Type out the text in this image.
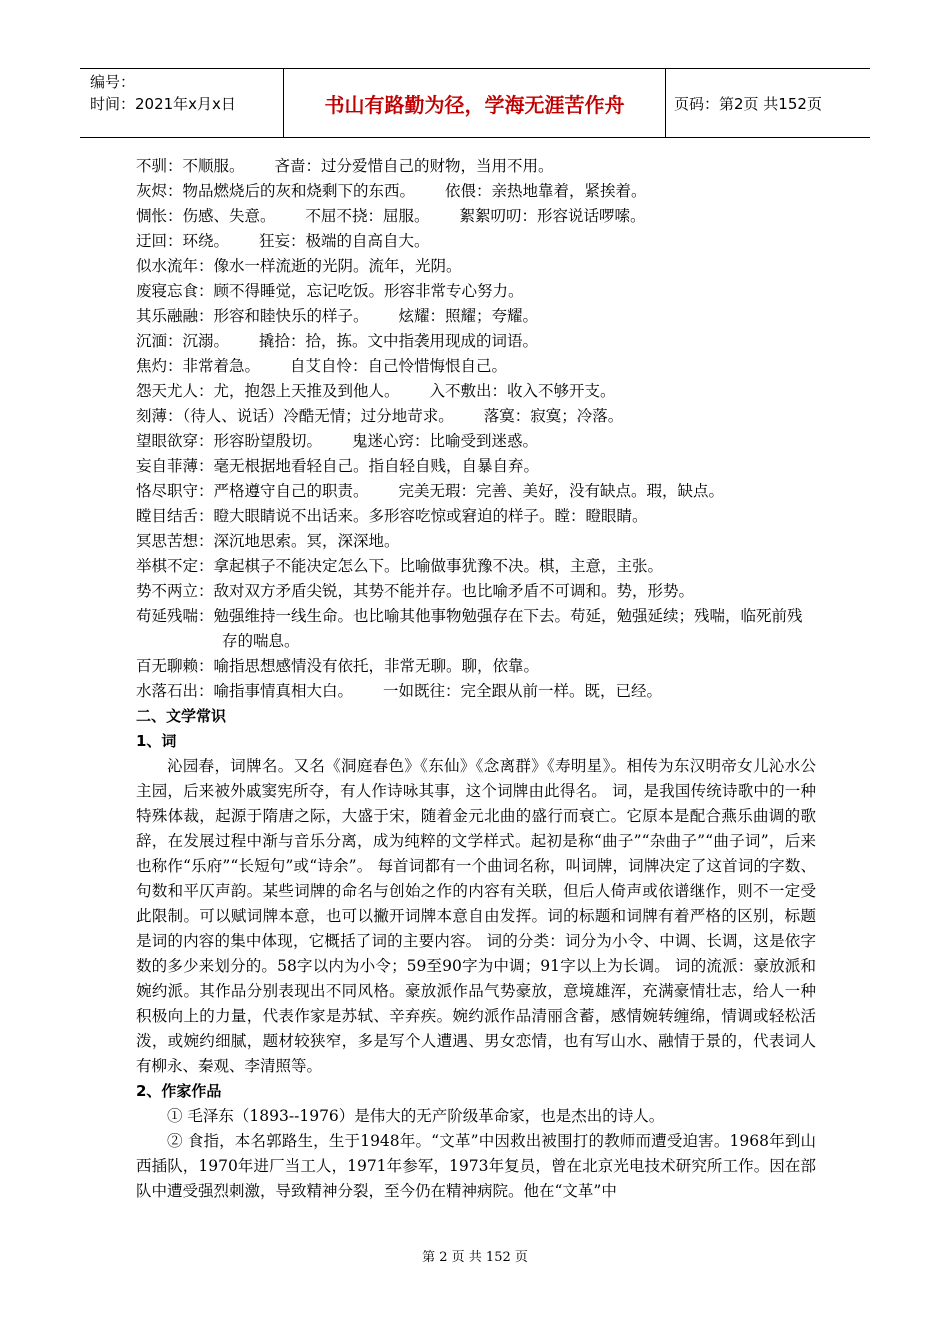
编号：
时间：2021年x月x日	书山有路勤为径，学海无涯苦作舟	页码：第2页 共152页
不驯：不顺服。 吝啬：过分爱惜自己的财物，当用不用。
灰烬：物品燃烧后的灰和烧剩下的东西。 依偎：亲热地靠着，紧挨着。
惆怅：伤感、失意。 不屈不挠：屈服。 絮絮叨叨：形容说话啰嗦。
迂回：环绕。 狂妄：极端的自高自大。
似水流年：像水一样流逝的光阴。流年，光阴。
废寝忘食：顾不得睡觉，忘记吃饭。形容非常专心努力。
其乐融融：形容和睦快乐的样子。 炫耀：照耀；夸耀。
沉湎：沉溺。 撬拾：拾，拣。文中指袭用现成的词语。
焦灼：非常着急。 自艾自怜：自己怜惜悔恨自己。
怨天尤人：尤，抱怨上天推及到他人。 入不敷出：收入不够开支。
刻薄：（待人、说话）冷酷无情；过分地苛求。 落寞：寂寞；冷落。
望眼欲穿：形容盼望殷切。 鬼迷心窍：比喻受到迷惑。
妄自菲薄：毫无根据地看轻自己。指自轻自贱，自暴自弃。
恪尽职守：严格遵守自己的职责。 完美无瑕：完善、美好，没有缺点。瑕，缺点。
瞠目结舌：瞪大眼睛说不出话来。多形容吃惊或窘迫的样子。瞠：瞪眼睛。
冥思苦想：深沉地思索。冥，深深地。
举棋不定：拿起棋子不能决定怎么下。比喻做事犹豫不决。棋，主意，主张。
势不两立：敌对双方矛盾尖锐，其势不能并存。也比喻矛盾不可调和。势，形势。
苟延残喘：勉强维持一线生命。也比喻其他事物勉强存在下去。苟延，勉强延续；残喘，临死前残存的喘息。
百无聊赖：喻指思想感情没有依托，非常无聊。聊，依靠。
水落石出：喻指事情真相大白。 一如既往：完全跟从前一样。既，已经。
二、文学常识
1、词
沁园春，词牌名。又名《洞庭春色》《东仙》《念离群》《寿明星》。相传为东汉明帝女儿沁水公主园，后来被外戚窦宪所夺，有人作诗咏其事，这个词牌由此得名。 词，是我国传统诗歌中的一种特殊体裁，起源于隋唐之际，大盛于宋，随着金元北曲的盛行而衰亡。它原本是配合燕乐曲调的歌辞，在发展过程中渐与音乐分离，成为纯粹的文学样式。起初是称“曲子”“杂曲子”“曲子词”，后来也称作“乐府”“长短句”或“诗余”。 每首词都有一个曲词名称，叫词牌，词牌决定了这首词的字数、句数和平仄声韵。某些词牌的命名与创始之作的内容有关联，但后人倚声或依谱继作，则不一定受此限制。可以赋词牌本意，也可以撇开词牌本意自由发挥。词的标题和词牌有着严格的区别，标题是词的内容的集中体现，它概括了词的主要内容。 词的分类：词分为小令、中调、长调，这是依字数的多少来划分的。58字以内为小令；59至90字为中调；91字以上为长调。 词的流派：豪放派和婉约派。其作品分别表现出不同风格。豪放派作品气势豪放，意境雄浑，充满豪情壮志，给人一种积极向上的力量，代表作家是苏轼、辛弃疾。婉约派作品清丽含蓄，感情婉转缠绵，情调或轻松活泼，或婉约细腻，题材较狭窄，多是写个人遭遇、男女恋情，也有写山水、融情于景的，代表词人有柳永、秦观、李清照等。
2、作家作品
① 毛泽东（1893--1976）是伟大的无产阶级革命家，也是杰出的诗人。
② 食指，本名郭路生，生于1948年。“文革”中因救出被围打的教师而遭受迫害。1968年到山西插队，1970年进厂当工人，1971年参军，1973年复员，曾在北京光电技术研究所工作。因在部队中遭受强烈刺激，导致精神分裂，至今仍在精神病院。他在“文革”中
第 2 页 共 152 页
